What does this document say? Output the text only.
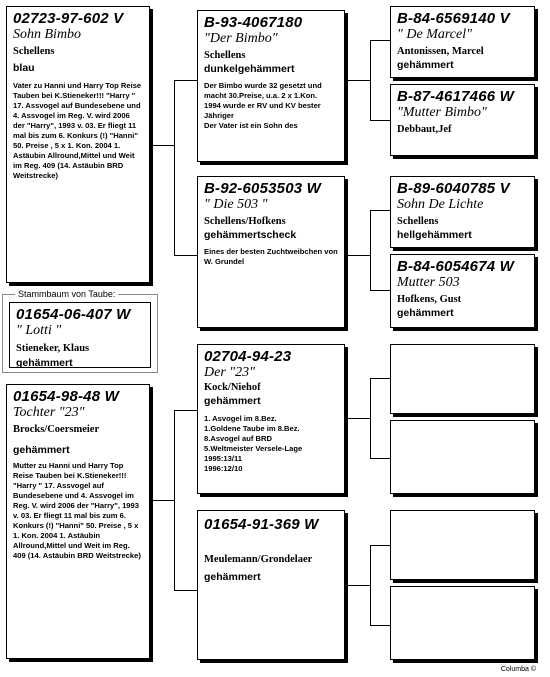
02723-97-602 V
Sohn Bimbo
Schellens
blau
Vater zu Hanni und Harry Top Reise Tauben bei K.Stieneker!!! "Harry " 17. Assvogel auf Bundesebene und 4. Assvogel im Reg. V. wird 2006 der "Harry", 1993 v. 03. Er fliegt 11 mal bis zum 6. Konkurs (!) "Hanni" 50. Preise , 5 x 1. Kon. 2004 1. Astäubin Allround,Mittel und Weit im Reg. 409 (14. Astäubin BRD Weitstrecke)
Stammbaum von Taube:
01654-06-407 W
" Lotti "
Stieneker, Klaus
gehämmert
01654-98-48 W
Tochter "23"
Brocks/Coersmeier
gehämmert
Mutter zu Hanni und Harry Top Reise Tauben bei K.Stieneker!!! "Harry " 17. Assvogel auf Bundesebene und 4. Assvogel im Reg. V. wird 2006 der "Harry", 1993 v. 03. Er fliegt 11 mal bis zum 6. Konkurs (!) "Hanni" 50. Preise , 5 x 1. Kon. 2004 1. Astäubin Allround,Mittel und Weit im Reg. 409 (14. Astäubin BRD Weitstrecke)
B-93-4067180
"Der Bimbo"
Schellens
dunkelgehämmert
Der Bimbo wurde 32 gesetzt und macht 30.Preise, u.a. 2 x 1.Kon.
1994 wurde er RV und KV bester Jähriger
Der Vater ist ein Sohn des
B-92-6053503 W
" Die 503 "
Schellens/Hofkens
gehämmertscheck
Eines der besten Zuchtweibchen von W. Grundel
02704-94-23
Der "23"
Kock/Niehof
gehämmert
1. Asvogel im 8.Bez.
1.Goldene Taube im 8.Bez.
8.Asvogel auf BRD
5.Weltmeister Versele-Lage
1995:13/11
1996:12/10
01654-91-369 W
Meulemann/Grondelaer
gehämmert
B-84-6569140 V
" De Marcel"
Antonissen, Marcel
gehämmert
B-87-4617466 W
"Mutter Bimbo"
Debbaut,Jef
B-89-6040785 V
Sohn De Lichte
Schellens
hellgehämmert
B-84-6054674 W
Mutter 503
Hofkens, Gust
gehämmert
Columba ©
